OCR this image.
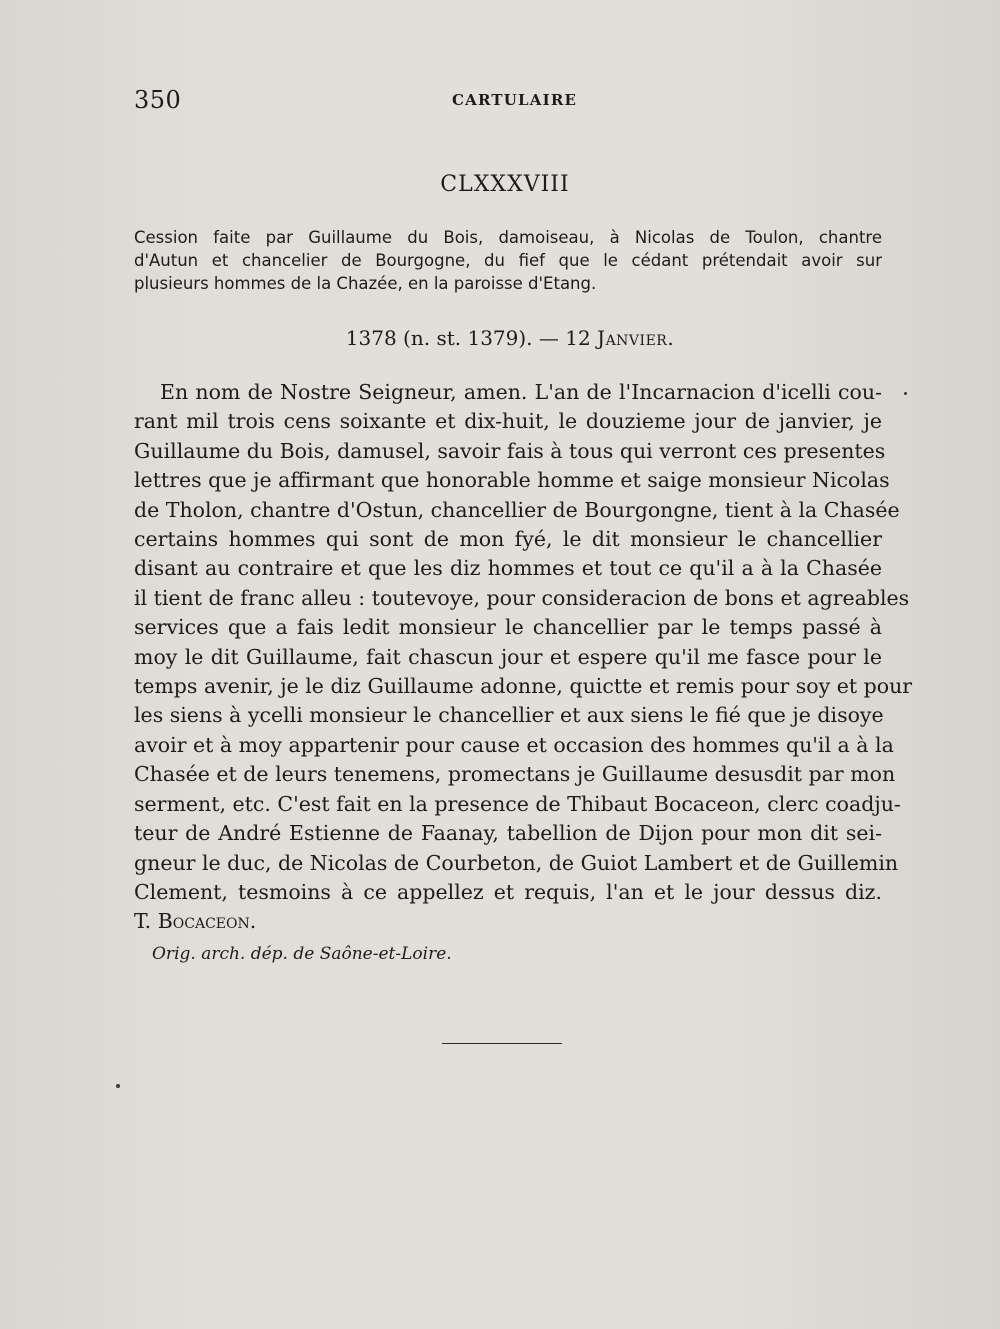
350	CARTULAIRE
CLXXXVIII
Cession faite par Guillaume du Bois, damoiseau, à Nicolas de Toulon, chantre
d'Autun et chancelier de Bourgogne, du fief que le cédant prétendait avoir sur
plusieurs hommes de la Chazée, en la paroisse d'Etang.
1378 (n. st. 1379). — 12 Janvier.
En nom de Nostre Seigneur, amen. L'an de l'Incarnacion d'icelli cou-
rant mil trois cens soixante et dix-huit, le douzieme jour de janvier, je
Guillaume du Bois, damusel, savoir fais à tous qui verront ces presentes
lettres que je affirmant que honorable homme et saige monsieur Nicolas
de Tholon, chantre d'Ostun, chancellier de Bourgongne, tient à la Chasée
certains hommes qui sont de mon fyé, le dit monsieur le chancellier
disant au contraire et que les diz hommes et tout ce qu'il a à la Chasée
il tient de franc alleu : toutevoye, pour consideracion de bons et agreables
services que a fais ledit monsieur le chancellier par le temps passé à
moy le dit Guillaume, fait chascun jour et espere qu'il me fasce pour le
temps avenir, je le diz Guillaume adonne, quictte et remis pour soy et pour
les siens à ycelli monsieur le chancellier et aux siens le fié que je disoye
avoir et à moy appartenir pour cause et occasion des hommes qu'il a à la
Chasée et de leurs tenemens, promectans je Guillaume desusdit par mon
serment, etc. C'est fait en la presence de Thibaut Bocaceon, clerc coadju-
teur de André Estienne de Faanay, tabellion de Dijon pour mon dit sei-
gneur le duc, de Nicolas de Courbeton, de Guiot Lambert et de Guillemin
Clement, tesmoins à ce appellez et requis, l'an et le jour dessus diz.
T. Bocaceon.
Orig. arch. dép. de Saône-et-Loire.
